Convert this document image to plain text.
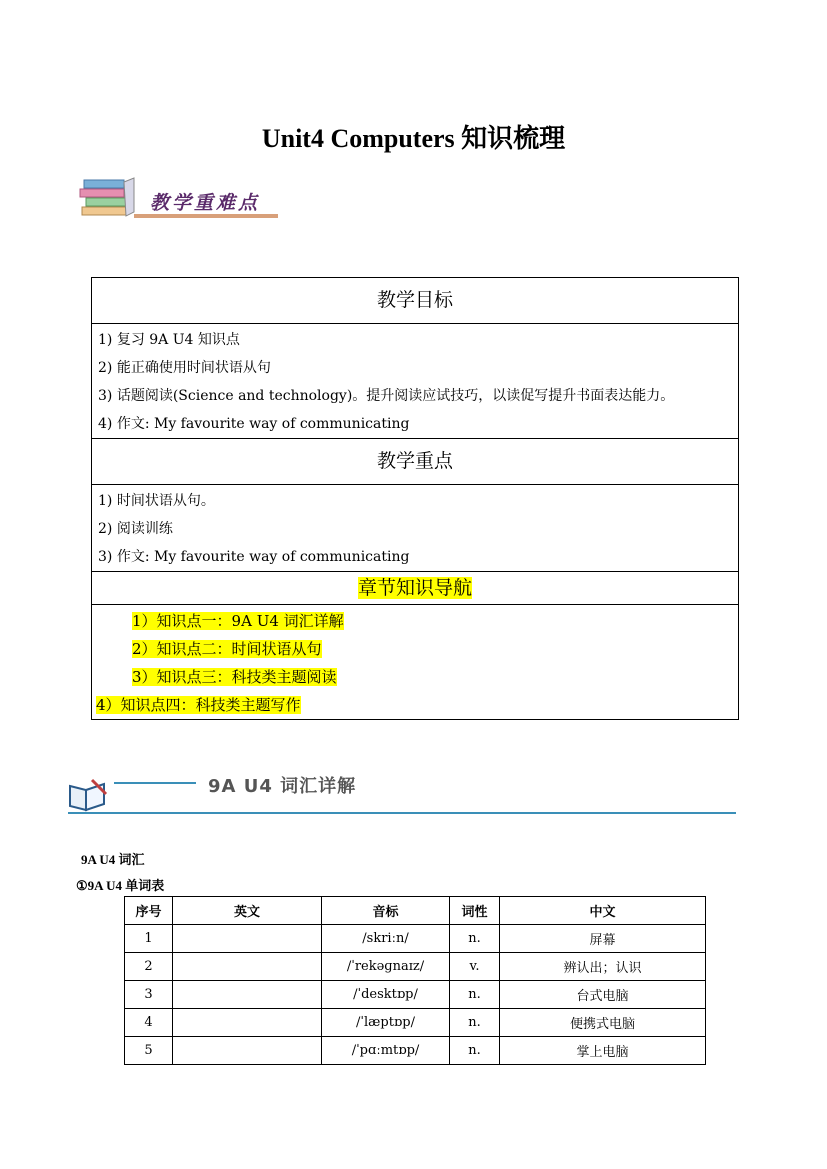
Unit4 Computers 知识梳理
教学重难点
教学目标
1) 复习 9A U4 知识点
2) 能正确使用时间状语从句
3) 话题阅读(Science and technology)。提升阅读应试技巧，以读促写提升书面表达能力。
4) 作文: My favourite way of communicating
教学重点
1) 时间状语从句。
2) 阅读训练
3) 作文: My favourite way of communicating
章节知识导航
1）知识点一：9A U4 词汇详解
2）知识点二：时间状语从句
3）知识点三：科技类主题阅读
4）知识点四：科技类主题写作
9A U4 词汇详解
9A U4 词汇
①9A U4 单词表
序号	英文	音标	词性	中文
1		/skriːn/	n.	屏幕
2		/ˈrekəɡnaɪz/	v.	辨认出；认识
3		/ˈdesktɒp/	n.	台式电脑
4		/ˈlæptɒp/	n.	便携式电脑
5		/ˈpɑːmtɒp/	n.	掌上电脑
